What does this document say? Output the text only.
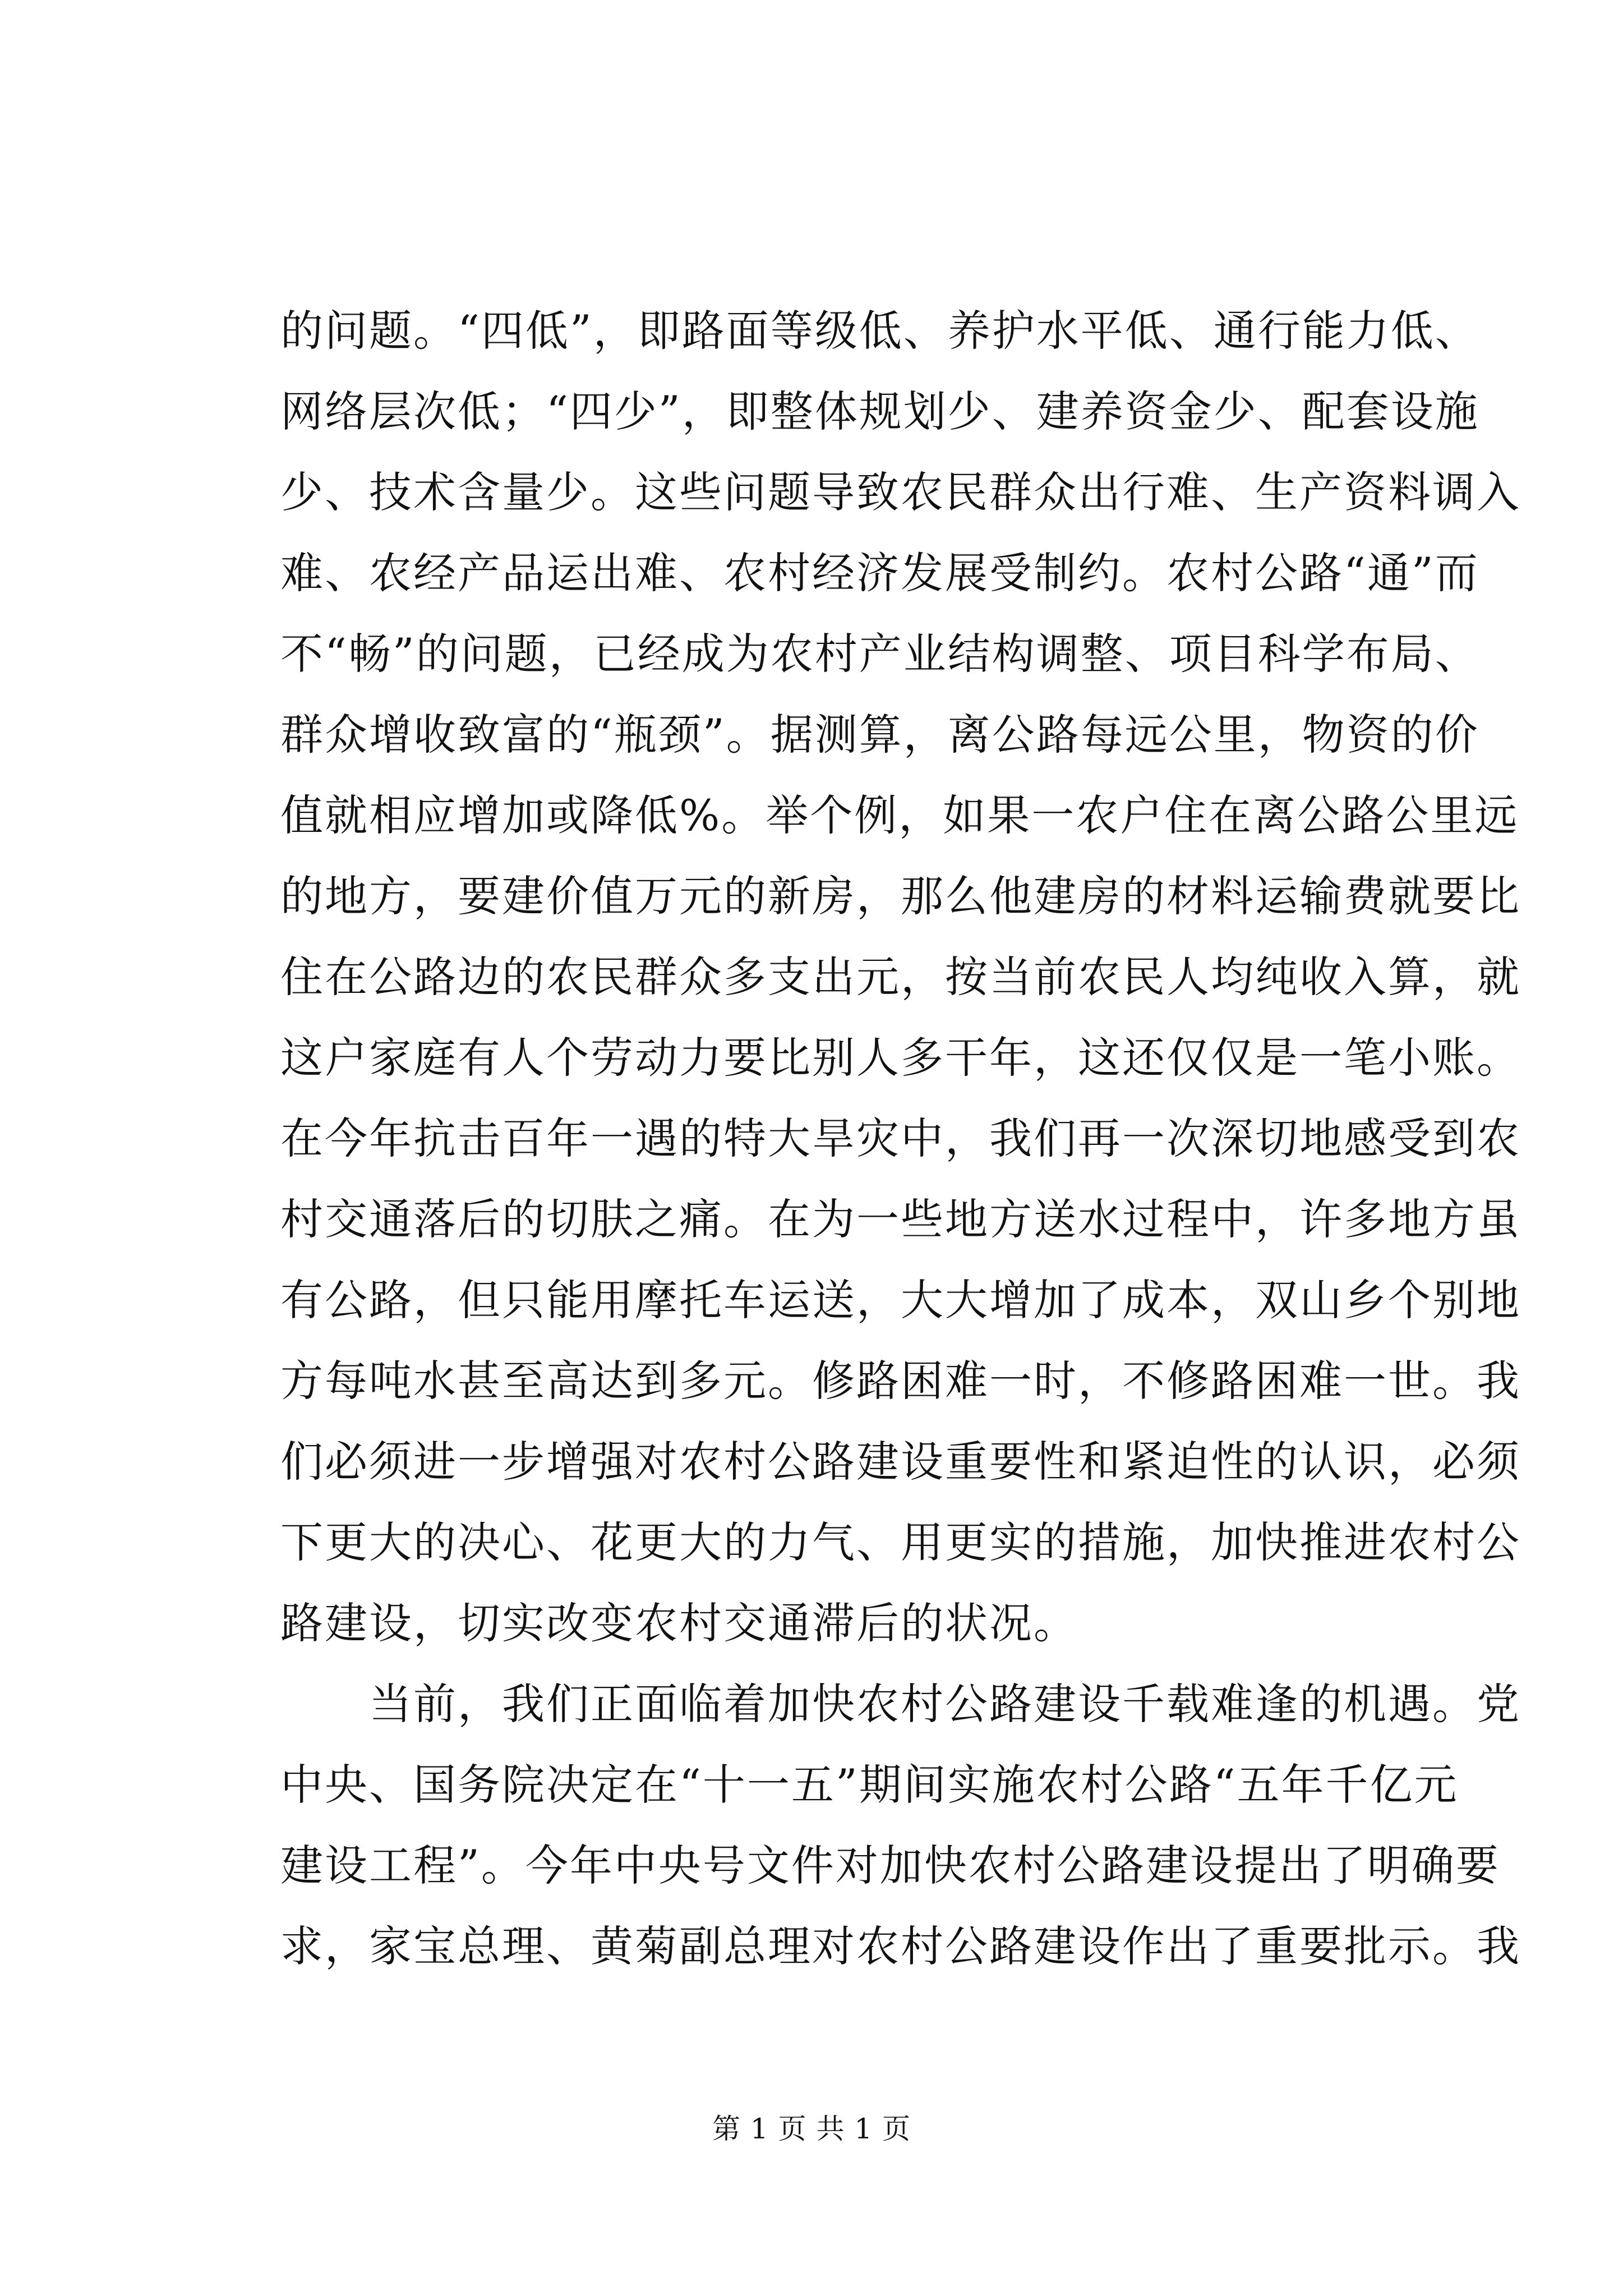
的问题。“四低”，即路面等级低、养护水平低、通行能力低、
网络层次低；“四少”，即整体规划少、建养资金少、配套设施
少、技术含量少。这些问题导致农民群众出行难、生产资料调入
难、农经产品运出难、农村经济发展受制约。农村公路“通”而
不“畅”的问题，已经成为农村产业结构调整、项目科学布局、
群众增收致富的“瓶颈”。据测算，离公路每远公里，物资的价
值就相应增加或降低%。举个例，如果一农户住在离公路公里远
的地方，要建价值万元的新房，那么他建房的材料运输费就要比
住在公路边的农民群众多支出元，按当前农民人均纯收入算，就
这户家庭有人个劳动力要比别人多干年，这还仅仅是一笔小账。
在今年抗击百年一遇的特大旱灾中，我们再一次深切地感受到农
村交通落后的切肤之痛。在为一些地方送水过程中，许多地方虽
有公路，但只能用摩托车运送，大大增加了成本，双山乡个别地
方每吨水甚至高达到多元。修路困难一时，不修路困难一世。我
们必须进一步增强对农村公路建设重要性和紧迫性的认识，必须
下更大的决心、花更大的力气、用更实的措施，加快推进农村公
路建设，切实改变农村交通滞后的状况。
当前，我们正面临着加快农村公路建设千载难逢的机遇。党
中央、国务院决定在“十一五”期间实施农村公路“五年千亿元
建设工程”。今年中央号文件对加快农村公路建设提出了明确要
求，家宝总理、黄菊副总理对农村公路建设作出了重要批示。我
第 1 页 共 1 页
